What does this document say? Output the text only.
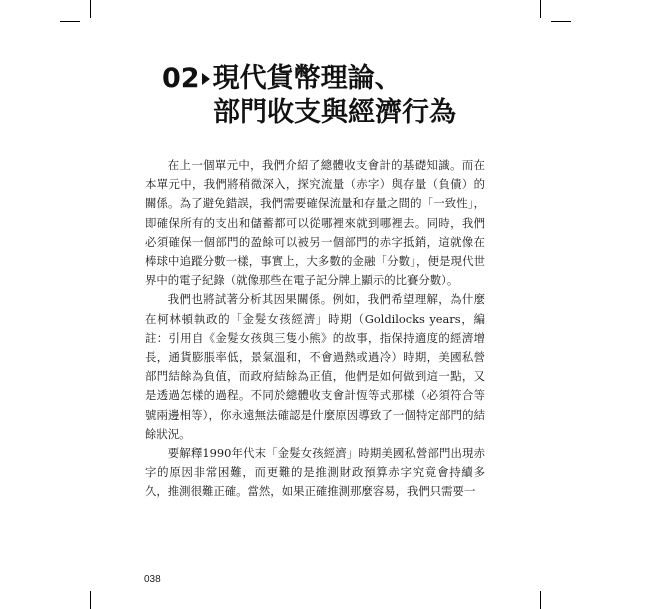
02 現代貨幣理論、
部門收支與經濟行為

在上一個單元中，我們介紹了總體收支會計的基礎知識。而在本單元中，我們將稍微深入，探究流量（赤字）與存量（負債）的關係。為了避免錯誤，我們需要確保流量和存量之間的「一致性」，即確保所有的支出和儲蓄都可以從哪裡來就到哪裡去。同時，我們必須確保一個部門的盈餘可以被另一個部門的赤字抵銷，這就像在棒球中追蹤分數一樣，事實上，大多數的金融「分數」，便是現代世界中的電子紀錄（就像那些在電子記分牌上顯示的比賽分數）。

我們也將試著分析其因果關係。例如，我們希望理解，為什麼在柯林頓執政的「金髮女孩經濟」時期（Goldilocks years，編註：引用自《金髮女孩與三隻小熊》的故事，指保持適度的經濟增長，通貨膨脹率低，景氣溫和，不會過熱或過冷）時期，美國私營部門結餘為負值，而政府結餘為正值，他們是如何做到這一點，又是透過怎樣的過程。不同於總體收支會計恆等式那樣（必須符合等號兩邊相等），你永遠無法確認是什麼原因導致了一個特定部門的結餘狀況。

要解釋1990年代末「金髮女孩經濟」時期美國私營部門出現赤字的原因非常困難，而更難的是推測財政預算赤字究竟會持續多久，推測很難正確。當然，如果正確推測那麼容易，我們只需要一

038
